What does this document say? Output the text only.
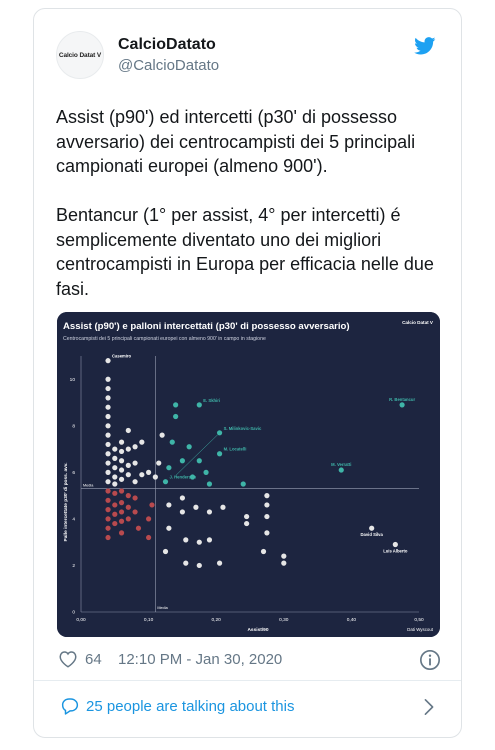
Calcio Datat V
CalcioDatato
@CalcioDatato
Assist (p90') ed intercetti (p30' di possesso avversario) dei centrocampisti dei 5 principali campionati europei (almeno 900').

Bentancur (1° per assist, 4° per intercetti) é semplicemente diventato uno dei migliori centrocampisti in Europa per efficacia nelle due fasi.
Assist (p90') e palloni intercettati (p30' di possesso avversario)
Centrocampisti dei 5 principali campionati europei con almeno 900' in campo in stagione
Calcio Datat V
0,00	0,10	0,20	0,30	0,40	0,50
0
2
4
6
8
10
Media
Media
Casemiro
R. Bentancur
E. Skhiri
S. Milinkovic-Savic
M. Locatelli
M. Verratti
J. Henderson
David Silva
Luis Alberto
Assist/90
Palle intercettate p30' di poss. avv.
Dati Wyscout
64 12:10 PM - Jan 30, 2020
25 people are talking about this
